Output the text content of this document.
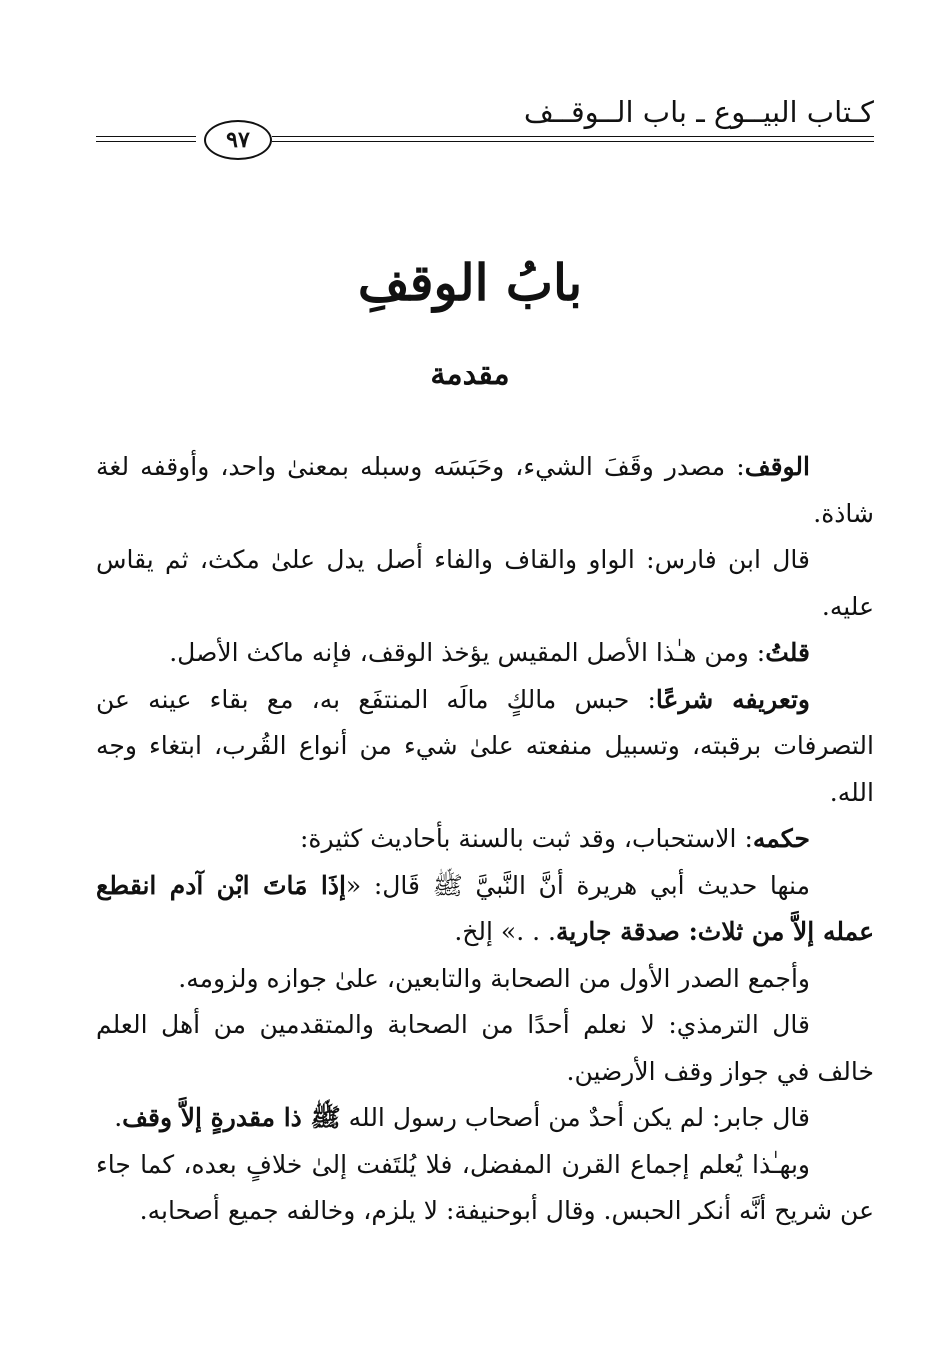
كـتاب البيــوع ـ باب الــوقــف
٩٧
بابُ الوقفِ
مقدمة

الوقف: مصدر وقَفَ الشيء، وحَبَسَه وسبله بمعنىٰ واحد، وأوقفه لغة شاذة.

قال ابن فارس: الواو والقاف والفاء أصل يدل علىٰ مكث، ثم يقاس عليه.

قلتُ: ومن هـٰذا الأصل المقيس يؤخذ الوقف، فإنه ماكث الأصل.

وتعريفه شرعًا: حبس مالكٍ مالَه المنتفَع به، مع بقاء عينه عن التصرفات برقبته، وتسبيل منفعته علىٰ شيء من أنواع القُرب، ابتغاء وجه الله.

حكمه: الاستحباب، وقد ثبت بالسنة بأحاديث كثيرة:

منها حديث أبي هريرة أنَّ النَّبيَّ ﷺ قَال: «إذَا مَاتَ ابْن آدم انقطع عمله إلاَّ من ثلاث: صدقة جارية. . .» إلخ.

وأجمع الصدر الأول من الصحابة والتابعين، علىٰ جوازه ولزومه.

قال الترمذي: لا نعلم أحدًا من الصحابة والمتقدمين من أهل العلم خالف في جواز وقف الأرضين.

قال جابر: لم يكن أحدٌ من أصحاب رسول الله ﷺ ذا مقدرةٍ إلاَّ وقف.

وبهـٰذا يُعلم إجماع القرن المفضل، فلا يُلتَفت إلىٰ خلافٍ بعده، كما جاء عن شريح أنَّه أنكر الحبس. وقال أبوحنيفة: لا يلزم، وخالفه جميع أصحابه.
